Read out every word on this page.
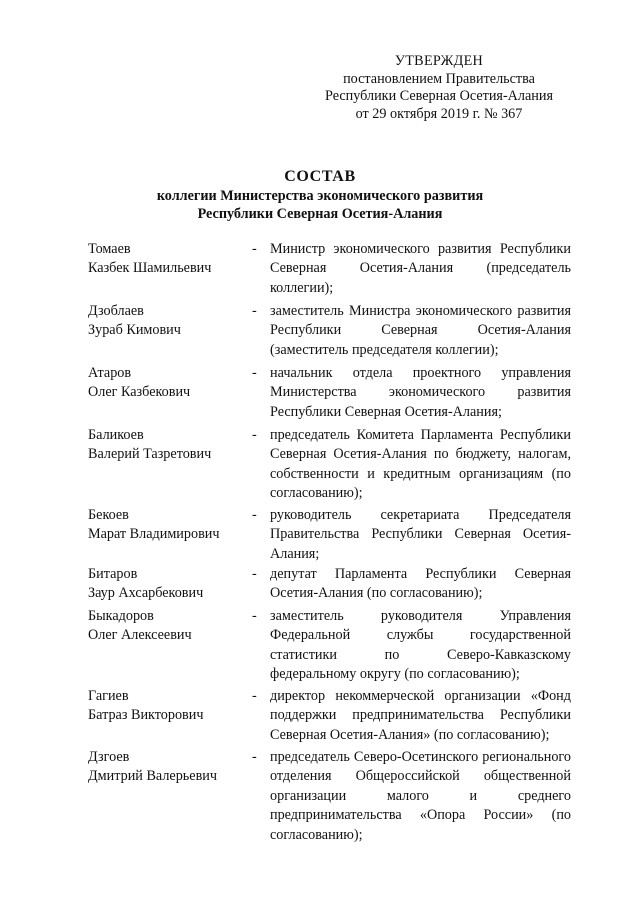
УТВЕРЖДЕН
постановлением Правительства
Республики Северная Осетия-Алания
от 29 октября 2019 г. № 367
СОСТАВ
коллегии Министерства экономического развития
Республики Северная Осетия-Алания
Томаев
Казбек Шамильевич
- Министр экономического развития Республики Северная Осетия-Алания (председатель коллегии);

Дзоблаев
Зураб Кимович
- заместитель Министра экономического развития Республики Северная Осетия-Алания (заместитель председателя коллегии);

Атаров
Олег Казбекович
- начальник отдела проектного управления Министерства экономического развития Республики Северная Осетия-Алания;

Баликоев
Валерий Тазретович
- председатель Комитета Парламента Республики Северная Осетия-Алания по бюджету, налогам, собственности и кредитным организациям (по согласованию);

Бекоев
Марат Владимирович
- руководитель секретариата Председателя Правительства Республики Северная Осетия-Алания;

Битаров
Заур Ахсарбекович
- депутат Парламента Республики Северная Осетия-Алания (по согласованию);

Быкадоров
Олег Алексеевич
- заместитель руководителя Управления Федеральной службы государственной статистики по Северо-Кавказскому федеральному округу (по согласованию);

Гагиев
Батраз Викторович
- директор некоммерческой организации «Фонд поддержки предпринимательства Республики Северная Осетия-Алания» (по согласованию);

Дзгоев
Дмитрий Валерьевич
- председатель Северо-Осетинского регионального отделения Общероссийской общественной организации малого и среднего предпринимательства «Опора России» (по согласованию);
